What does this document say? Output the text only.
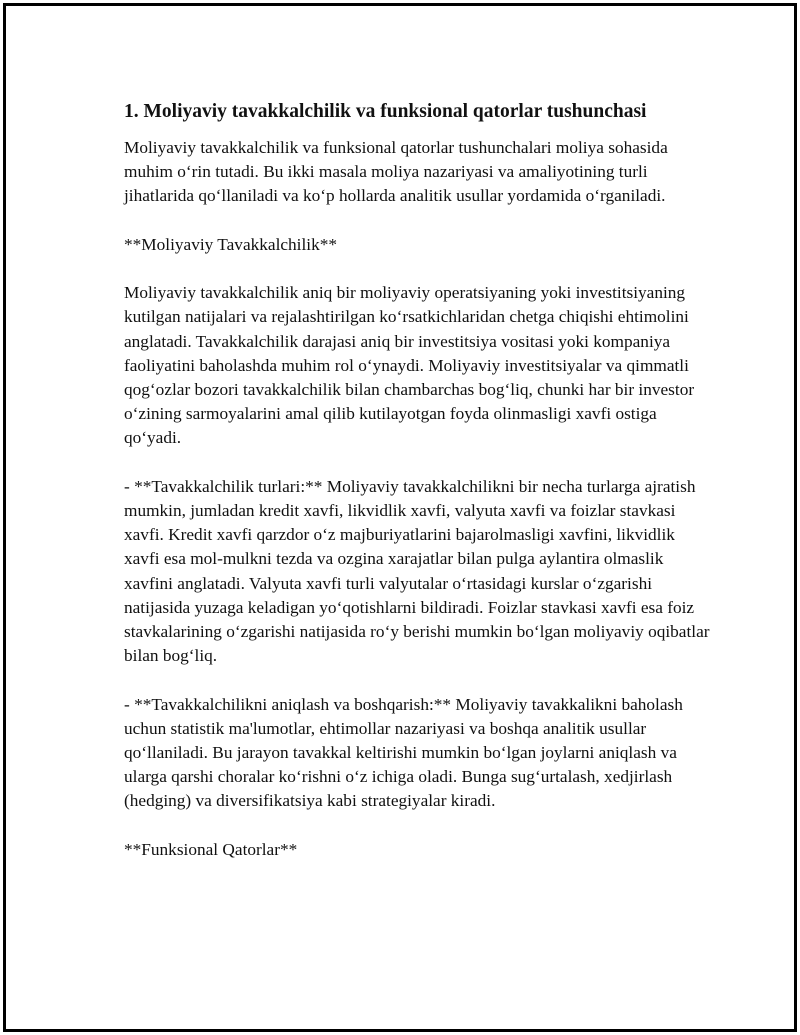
1. Moliyaviy tavakkalchilik va funksional qatorlar tushunchasi

Moliyaviy tavakkalchilik va funksional qatorlar tushunchalari moliya sohasida muhim o‘rin tutadi. Bu ikki masala moliya nazariyasi va amaliyotining turli jihatlarida qo‘llaniladi va ko‘p hollarda analitik usullar yordamida o‘rganiladi.

**Moliyaviy Tavakkalchilik**

Moliyaviy tavakkalchilik aniq bir moliyaviy operatsiyaning yoki investitsiyaning kutilgan natijalari va rejalashtirilgan ko‘rsatkichlaridan chetga chiqishi ehtimolini anglatadi. Tavakkalchilik darajasi aniq bir investitsiya vositasi yoki kompaniya faoliyatini baholashda muhim rol o‘ynaydi. Moliyaviy investitsiyalar va qimmatli qog‘ozlar bozori tavakkalchilik bilan chambarchas bog‘liq, chunki har bir investor o‘zining sarmoyalarini amal qilib kutilayotgan foyda olinmasligi xavfi ostiga qo‘yadi.

- **Tavakkalchilik turlari:** Moliyaviy tavakkalchilikni bir necha turlarga ajratish mumkin, jumladan kredit xavfi, likvidlik xavfi, valyuta xavfi va foizlar stavkasi xavfi. Kredit xavfi qarzdor o‘z majburiyatlarini bajarolmasligi xavfini, likvidlik xavfi esa mol-mulkni tezda va ozgina xarajatlar bilan pulga aylantira olmaslik xavfini anglatadi. Valyuta xavfi turli valyutalar o‘rtasidagi kurslar o‘zgarishi natijasida yuzaga keladigan yo‘qotishlarni bildiradi. Foizlar stavkasi xavfi esa foiz stavkalarining o‘zgarishi natijasida ro‘y berishi mumkin bo‘lgan moliyaviy oqibatlar bilan bog‘liq.

- **Tavakkalchilikni aniqlash va boshqarish:** Moliyaviy tavakkalikni baholash uchun statistik ma'lumotlar, ehtimollar nazariyasi va boshqa analitik usullar qo‘llaniladi. Bu jarayon tavakkal keltirishi mumkin bo‘lgan joylarni aniqlash va ularga qarshi choralar ko‘rishni o‘z ichiga oladi. Bunga sug‘urtalash, xedjirlash (hedging) va diversifikatsiya kabi strategiyalar kiradi.

**Funksional Qatorlar**
